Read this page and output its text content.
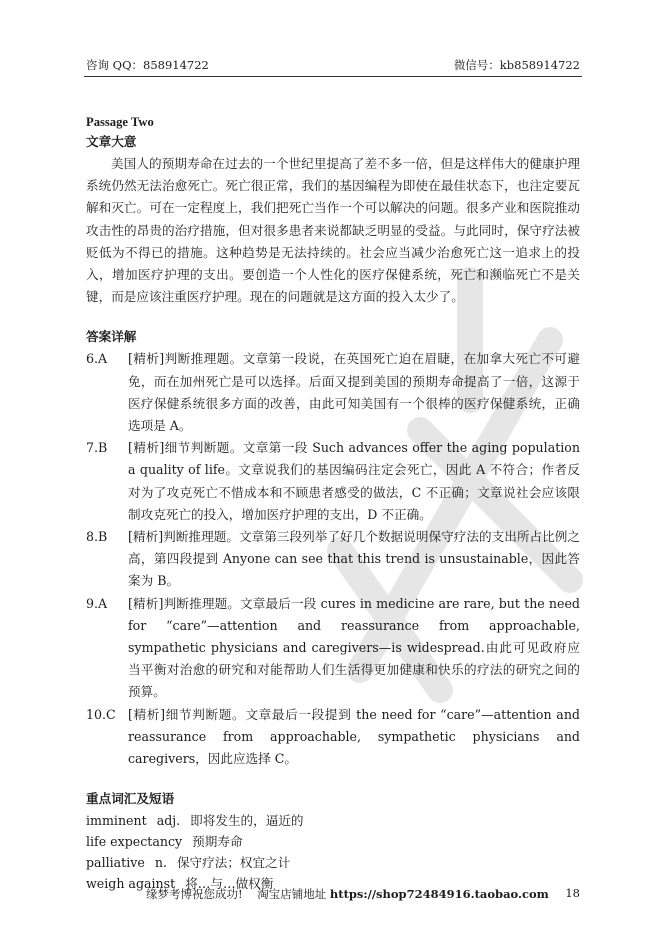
咨询 QQ：858914722	微信号：kb858914722

Passage Two

文章大意

美国人的预期寿命在过去的一个世纪里提高了差不多一倍，但是这样伟大的健康护理系统仍然无法治愈死亡。死亡很正常，我们的基因编程为即使在最佳状态下，也注定要瓦解和灭亡。可在一定程度上，我们把死亡当作一个可以解决的问题。很多产业和医院推动攻击性的昂贵的治疗措施，但对很多患者来说都缺乏明显的受益。与此同时，保守疗法被贬低为不得已的措施。这种趋势是无法持续的。社会应当减少治愈死亡这一追求上的投入，增加医疗护理的支出。要创造一个人性化的医疗保健系统，死亡和濒临死亡不是关键，而是应该注重医疗护理。现在的问题就是这方面的投入太少了。

答案详解

6.A	[精析]判断推理题。文章第一段说，在英国死亡迫在眉睫，在加拿大死亡不可避免，而在加州死亡是可以选择。后面又提到美国的预期寿命提高了一倍，这源于医疗保健系统很多方面的改善，由此可知美国有一个很棒的医疗保健系统，正确选项是 A。
7.B	[精析]细节判断题。文章第一段 Such advances offer the aging population a quality of life。文章说我们的基因编码注定会死亡，因此 A 不符合；作者反对为了攻克死亡不惜成本和不顾患者感受的做法，C 不正确；文章说社会应该限制攻克死亡的投入，增加医疗护理的支出，D 不正确。
8.B	[精析]判断推理题。文章第三段列举了好几个数据说明保守疗法的支出所占比例之高，第四段提到 Anyone can see that this trend is unsustainable，因此答案为 B。
9.A	[精析]判断推理题。文章最后一段 cures in medicine are rare, but the need for “care”—attention and reassurance from approachable, sympathetic physicians and caregivers—is widespread.由此可见政府应当平衡对治愈的研究和对能帮助人们生活得更加健康和快乐的疗法的研究之间的预算。
10.C [精析]细节判断题。文章最后一段提到 the need for “care”—attention and reassurance from approachable, sympathetic physicians and caregivers，因此应选择 C。

重点词汇及短语

imminent adj. 即将发生的，逼近的

life expectancy 预期寿命

palliative n. 保守疗法；权宜之计

weigh against 将…与…做权衡

缘梦考博祝您成功! 淘宝店铺地址 https://shop72484916.taobao.com 18
